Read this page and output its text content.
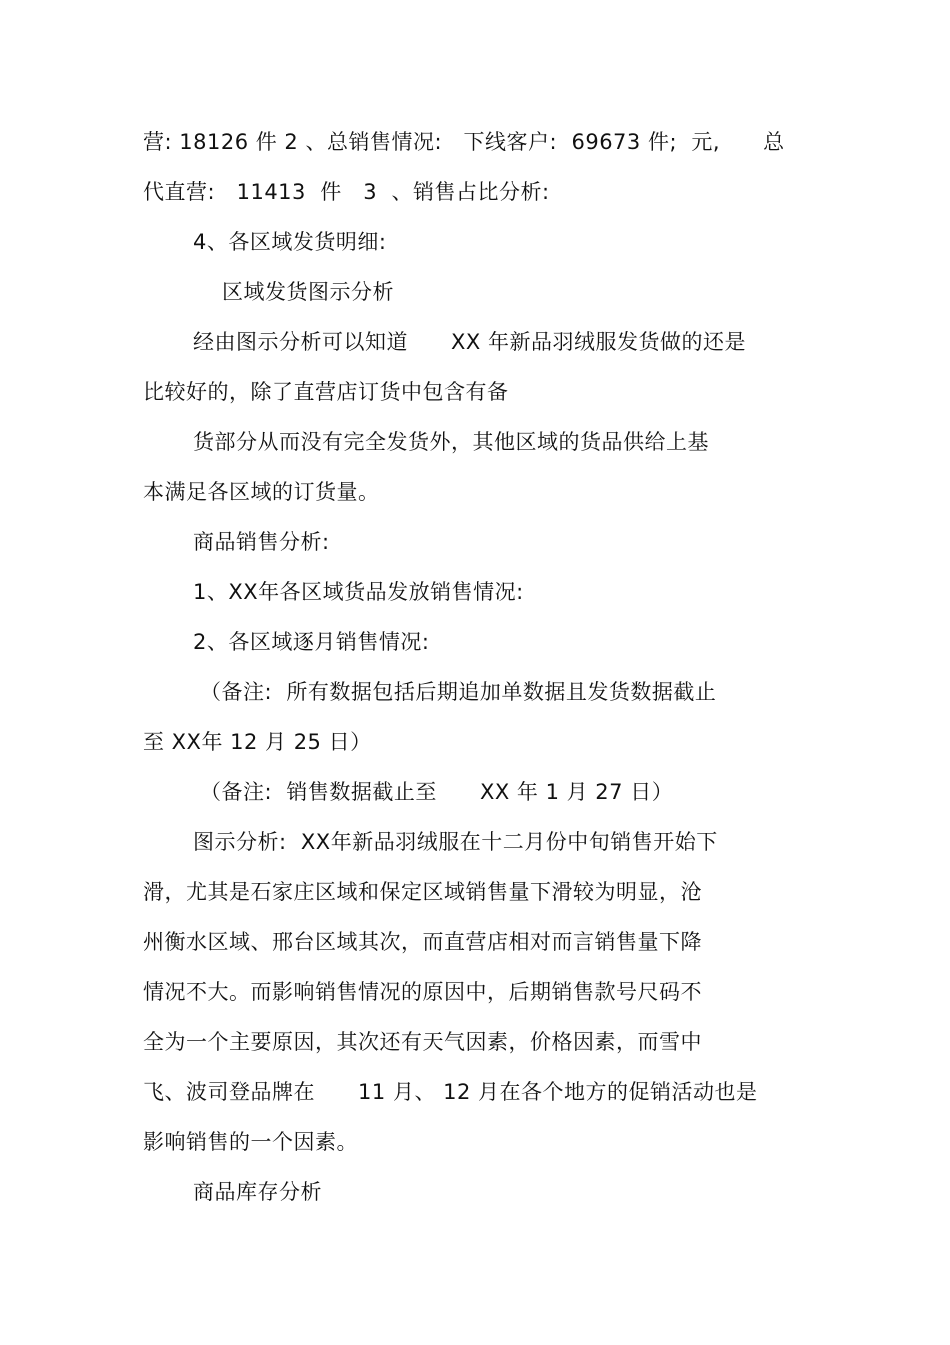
营: 18126 件 2 、总销售情况:   下线客户:  69673 件;  元,      总
代直营:   11413  件   3  、销售占比分析:
4、各区域发货明细:
区域发货图示分析
经由图示分析可以知道      XX 年新品羽绒服发货做的还是
比较好的，除了直营店订货中包含有备
货部分从而没有完全发货外，其他区域的货品供给上基
本满足各区域的订货量。
商品销售分析:
1、XX年各区域货品发放销售情况:
2、各区域逐月销售情况:
（备注:  所有数据包括后期追加单数据且发货数据截止
至 XX年 12 月 25 日）
（备注:  销售数据截止至      XX 年 1 月 27 日）
图示分析:  XX年新品羽绒服在十二月份中旬销售开始下
滑，尤其是石家庄区域和保定区域销售量下滑较为明显，沧
州衡水区域、邢台区域其次，而直营店相对而言销售量下降
情况不大。而影响销售情况的原因中，后期销售款号尺码不
全为一个主要原因，其次还有天气因素，价格因素，而雪中
飞、波司登品牌在      11 月、 12 月在各个地方的促销活动也是
影响销售的一个因素。
商品库存分析
